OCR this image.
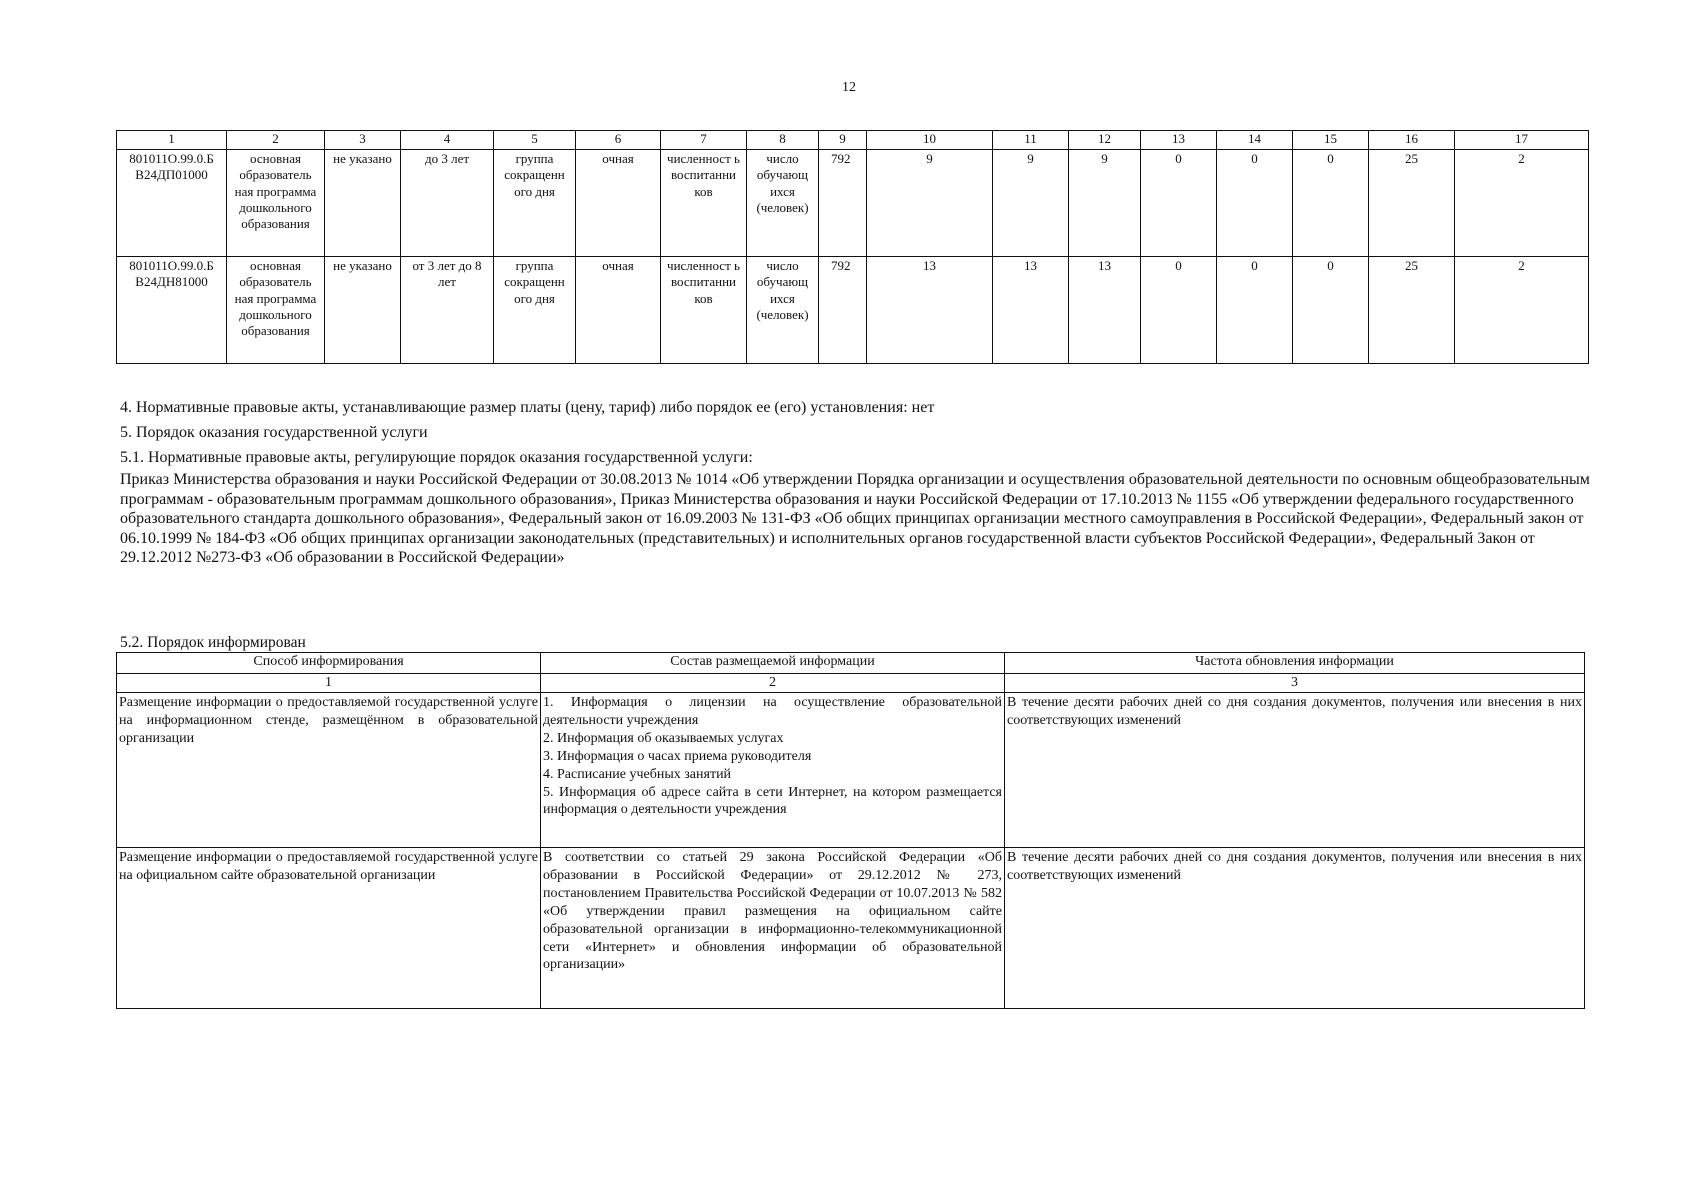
12
1	2	3	4	5	6	7	8	9	10	11	12	13	14	15	16	17
801011О.99.0.Б В24ДП01000	основная образователь ная программа дошкольного образования	не указано	до 3 лет	группа сокращенн ого дня	очная	численност ь воспитанни ков	число обучающ ихся (человек)	792	9	9	9	0	0	0	25	2
801011О.99.0.Б В24ДН81000	основная образователь ная программа дошкольного образования	не указано	от 3 лет до 8 лет	группа сокращенн ого дня	очная	численност ь воспитанни ков	число обучающ ихся (человек)	792	13	13	13	0	0	0	25	2
4. Нормативные правовые акты, устанавливающие размер платы (цену, тариф) либо порядок ее (его) установления: нет
5. Порядок оказания государственной услуги
5.1. Нормативные правовые акты, регулирующие порядок оказания государственной услуги:
Приказ Министерства образования и науки Российской Федерации от 30.08.2013 № 1014 «Об утверждении Порядка организации и осуществления образовательной деятельности по основным общеобразовательным программам - образовательным программам дошкольного образования», Приказ Министерства образования и науки Российской Федерации от 17.10.2013 № 1155 «Об утверждении федерального государственного образовательного стандарта дошкольного образования», Федеральный закон от 16.09.2003 № 131-ФЗ «Об общих принципах организации местного самоуправления в Российской Федерации», Федеральный закон от 06.10.1999 № 184-ФЗ «Об общих принципах организации законодательных (представительных) и исполнительных органов государственной власти субъектов Российской Федерации», Федеральный Закон от 29.12.2012 №273-ФЗ «Об образовании в Российской Федерации»
5.2. Порядок информирован
Способ информирования	Состав размещаемой информации	Частота обновления информации
1	2	3
Размещение информации о предоставляемой государственной услуге на информационном стенде, размещённом в образовательной организации	1. Информация о лицензии на осуществление образовательной деятельности учреждения
2. Информация об оказываемых услугах
3. Информация о часах приема руководителя
4. Расписание учебных занятий
5. Информация об адресе сайта в сети Интернет, на котором размещается информация о деятельности учреждения	В течение десяти рабочих дней со дня создания документов, получения или внесения в них соответствующих изменений
Размещение информации о предоставляемой государственной услуге на официальном сайте образовательной организации	В соответствии со статьей 29 закона Российской Федерации «Об образовании в Российской Федерации» от 29.12.2012 № 273, постановлением Правительства Российской Федерации от 10.07.2013 № 582 «Об утверждении правил размещения на официальном сайте образовательной организации в информационно-телекоммуникационной сети «Интернет» и обновления информации об образовательной организации»	В течение десяти рабочих дней со дня создания документов, получения или внесения в них соответствующих изменений
